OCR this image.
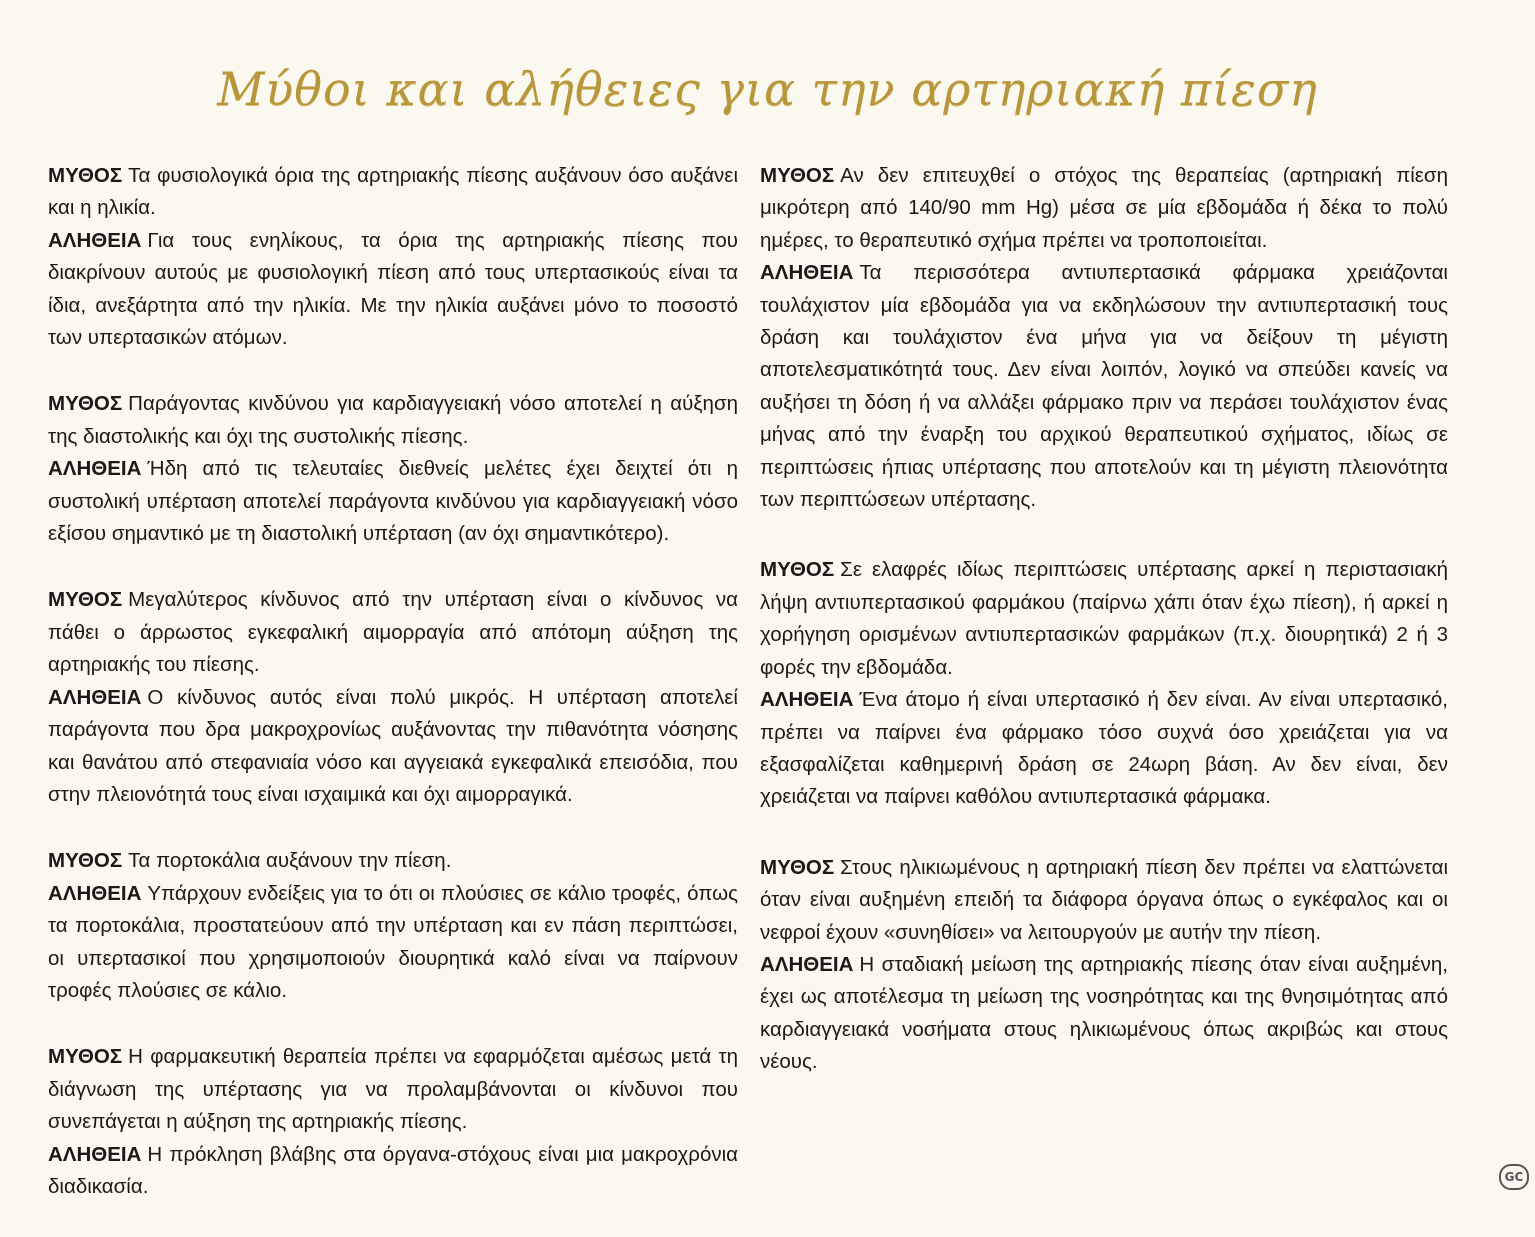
Μύθοι και αλήθειες για την αρτηριακή πίεση

ΜΥΘΟΣ Τα φυσιολογικά όρια της αρτηριακής πίεσης αυξάνουν όσο αυξάνει και η ηλικία.

ΑΛΗΘΕΙΑ Για τους ενηλίκους, τα όρια της αρτηριακής πίεσης που διακρίνουν αυτούς με φυσιολογική πίεση από τους υπερτασικούς είναι τα ίδια, ανεξάρτητα από την ηλικία. Με την ηλικία αυξάνει μόνο το ποσοστό των υπερτασικών ατόμων.

ΜΥΘΟΣ Παράγοντας κινδύνου για καρδιαγγειακή νόσο αποτελεί η αύξηση της διαστολικής και όχι της συστολικής πίεσης.

ΑΛΗΘΕΙΑ Ήδη από τις τελευταίες διεθνείς μελέτες έχει δειχτεί ότι η συστολική υπέρταση αποτελεί παράγοντα κινδύνου για καρδιαγγειακή νόσο εξίσου σημαντικό με τη διαστολική υπέρταση (αν όχι σημαντικότερο).

ΜΥΘΟΣ Μεγαλύτερος κίνδυνος από την υπέρταση είναι ο κίνδυνος να πάθει ο άρρωστος εγκεφαλική αιμορραγία από απότομη αύξηση της αρτηριακής του πίεσης.

ΑΛΗΘΕΙΑ Ο κίνδυνος αυτός είναι πολύ μικρός. Η υπέρταση αποτελεί παράγοντα που δρα μακροχρονίως αυξάνοντας την πιθανότητα νόσησης και θανάτου από στεφανιαία νόσο και αγγειακά εγκεφαλικά επεισόδια, που στην πλειονότητά τους είναι ισχαιμικά και όχι αιμορραγικά.

ΜΥΘΟΣ Τα πορτοκάλια αυξάνουν την πίεση.

ΑΛΗΘΕΙΑ Υπάρχουν ενδείξεις για το ότι οι πλούσιες σε κάλιο τροφές, όπως τα πορτοκάλια, προστατεύουν από την υπέρταση και εν πάση περιπτώσει, οι υπερτασικοί που χρησιμοποιούν διουρητικά καλό είναι να παίρνουν τροφές πλούσιες σε κάλιο.

ΜΥΘΟΣ Η φαρμακευτική θεραπεία πρέπει να εφαρμόζεται αμέσως μετά τη διάγνωση της υπέρτασης για να προλαμβάνονται οι κίνδυνοι που συνεπάγεται η αύξηση της αρτηριακής πίεσης.

ΑΛΗΘΕΙΑ Η πρόκληση βλάβης στα όργανα-στόχους είναι μια μακροχρόνια διαδικασία.

ΜΥΘΟΣ Αν δεν επιτευχθεί ο στόχος της θεραπείας (αρτηριακή πίεση μικρότερη από 140/90 mm Hg) μέσα σε μία εβδομάδα ή δέκα το πολύ ημέρες, το θεραπευτικό σχήμα πρέπει να τροποποιείται.

ΑΛΗΘΕΙΑ Τα περισσότερα αντιυπερτασικά φάρμακα χρειάζονται τουλάχιστον μία εβδομάδα για να εκδηλώσουν την αντιυπερτασική τους δράση και τουλάχιστον ένα μήνα για να δείξουν τη μέγιστη αποτελεσματικότητά τους. Δεν είναι λοιπόν, λογικό να σπεύδει κανείς να αυξήσει τη δόση ή να αλλάξει φάρμακο πριν να περάσει τουλάχιστον ένας μήνας από την έναρξη του αρχικού θεραπευτικού σχήματος, ιδίως σε περιπτώσεις ήπιας υπέρτασης που αποτελούν και τη μέγιστη πλειονότητα των περιπτώσεων υπέρτασης.

ΜΥΘΟΣ Σε ελαφρές ιδίως περιπτώσεις υπέρτασης αρκεί η περιστασιακή λήψη αντιυπερτασικού φαρμάκου (παίρνω χάπι όταν έχω πίεση), ή αρκεί η χορήγηση ορισμένων αντιυπερτασικών φαρμάκων (π.χ. διουρητικά) 2 ή 3 φορές την εβδομάδα.

ΑΛΗΘΕΙΑ Ένα άτομο ή είναι υπερτασικό ή δεν είναι. Αν είναι υπερτασικό, πρέπει να παίρνει ένα φάρμακο τόσο συχνά όσο χρειάζεται για να εξασφαλίζεται καθημερινή δράση σε 24ωρη βάση. Αν δεν είναι, δεν χρειάζεται να παίρνει καθόλου αντιυπερτασικά φάρμακα.

ΜΥΘΟΣ Στους ηλικιωμένους η αρτηριακή πίεση δεν πρέπει να ελαττώνεται όταν είναι αυξημένη επειδή τα διάφορα όργανα όπως ο εγκέφαλος και οι νεφροί έχουν «συνηθίσει» να λειτουργούν με αυτήν την πίεση.

ΑΛΗΘΕΙΑ Η σταδιακή μείωση της αρτηριακής πίεσης όταν είναι αυξημένη, έχει ως αποτέλεσμα τη μείωση της νοσηρότητας και της θνησιμότητας από καρδιαγγειακά νοσήματα στους ηλικιωμένους όπως ακριβώς και στους νέους.

GC
